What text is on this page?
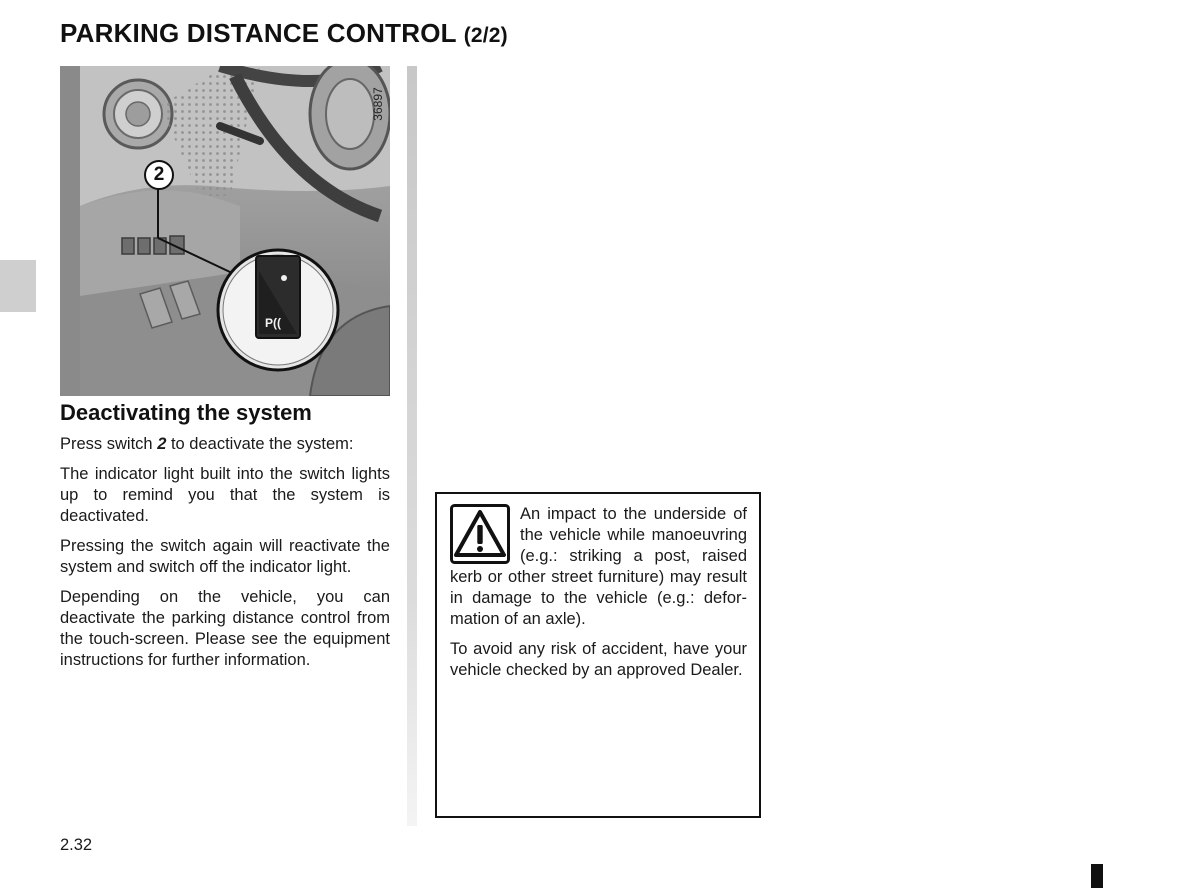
PARKING DISTANCE CONTROL (2/2)
P((
2
36897
Deactivating the system

Press switch 2 to deactivate the system:

The indicator light built into the switch lights up to remind you that the system is deactivated.

Pressing the switch again will reactivate the system and switch off the indicator light.

Depending on the vehicle, you can deactivate the parking distance control from the touch-screen. Please see the equipment instructions for further information.

An impact to the underside of the vehicle while manoeuvring (e.g.: striking a post, raised kerb or other street furniture) may result in damage to the vehicle (e.g.: deformation of an axle).

To avoid any risk of accident, have your vehicle checked by an approved Dealer.

2.32
